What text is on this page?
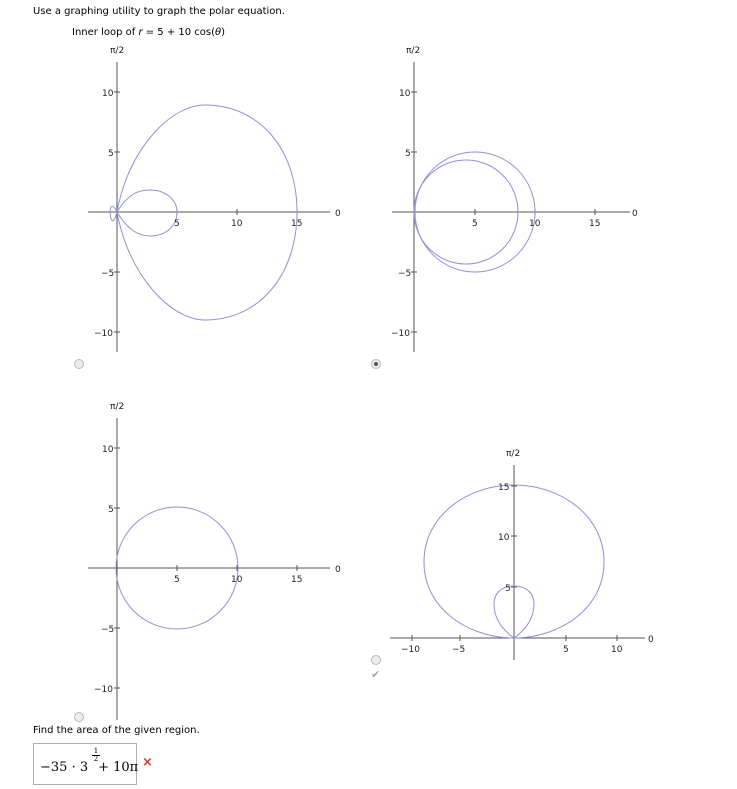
Use a graphing utility to graph the polar equation.
Inner loop of r = 5 + 10 cos(θ)
π/2
0
5	10	15
10
5
−5
−10
π/2
0
5	10	15
10
5
−5
−10
π/2
0
5	10	15
10
5
−5
−10
π/2
0
−10	−5	5	10
15
10
5
✔
Find the area of the given region.
−35 · 3 + 10π
$\frac{1}{2}$	×
